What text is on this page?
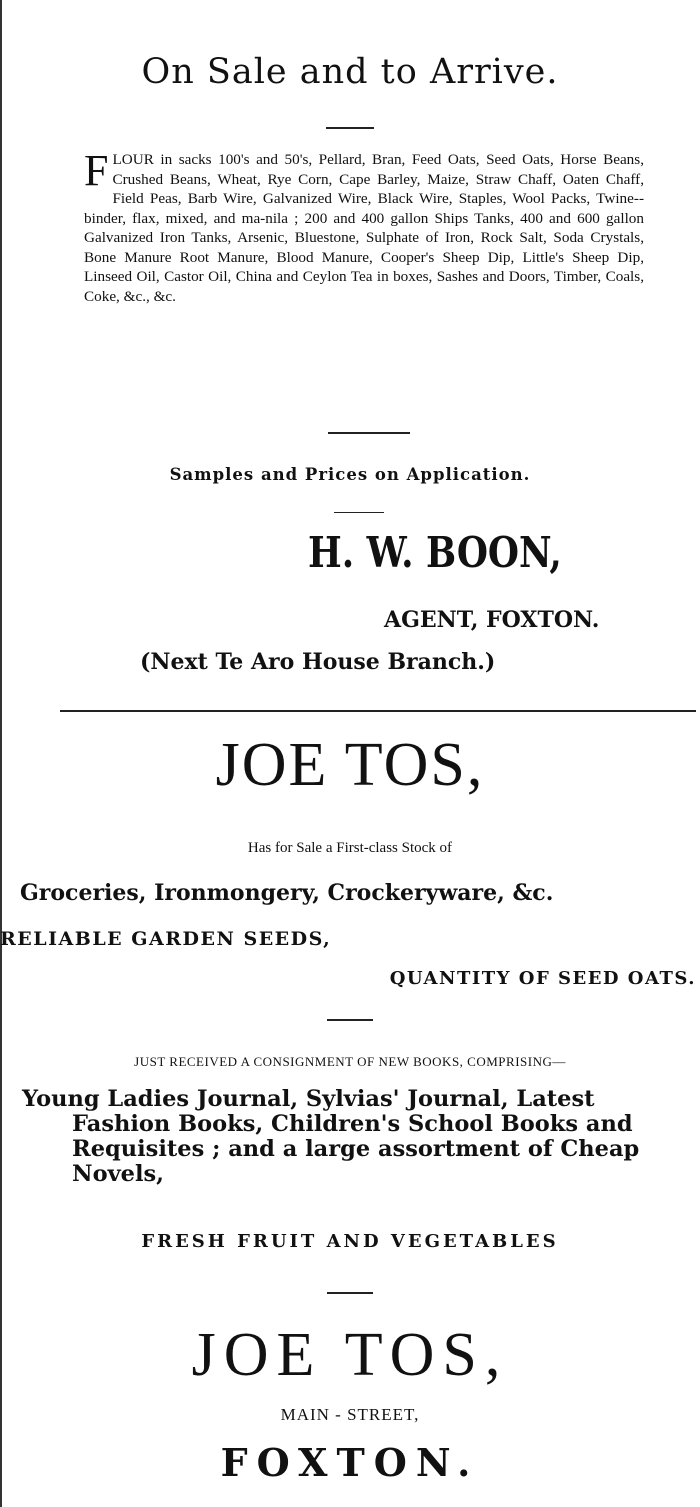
On Sale and to Arrive.
FLOUR in sacks 100's and 50's, Pellard, Bran, Feed Oats, Seed Oats, Horse Beans, Crushed Beans, Wheat, Rye Corn, Cape Barley, Maize, Straw Chaff, Oaten Chaff, Field Peas, Barb Wire, Galvanized Wire, Black Wire, Staples, Wool Packs, Twine--binder, flax, mixed, and ma-nila ; 200 and 400 gallon Ships Tanks, 400 and 600 gallon Galvanized Iron Tanks, Arsenic, Bluestone, Sulphate of Iron, Rock Salt, Soda Crystals, Bone Manure Root Manure, Blood Manure, Cooper's Sheep Dip, Little's Sheep Dip, Linseed Oil, Castor Oil, China and Ceylon Tea in boxes, Sashes and Doors, Timber, Coals, Coke, &c., &c.
Samples and Prices on Application.
H. W. BOON,
AGENT, FOXTON.
(Next Te Aro House Branch.)
JOE TOS,
Has for Sale a First-class Stock of
Groceries, Ironmongery, Crockeryware, &c.
RELIABLE GARDEN SEEDS,
QUANTITY OF SEED OATS.
JUST RECEIVED A CONSIGNMENT OF NEW BOOKS, COMPRISING—
Young Ladies Journal, Sylvias' Journal, Latest Fashion Books, Children's School Books and Requisites ; and a large assortment of Cheap Novels,
FRESH FRUIT AND VEGETABLES
JOE TOS,
MAIN - STREET,
FOXTON.
